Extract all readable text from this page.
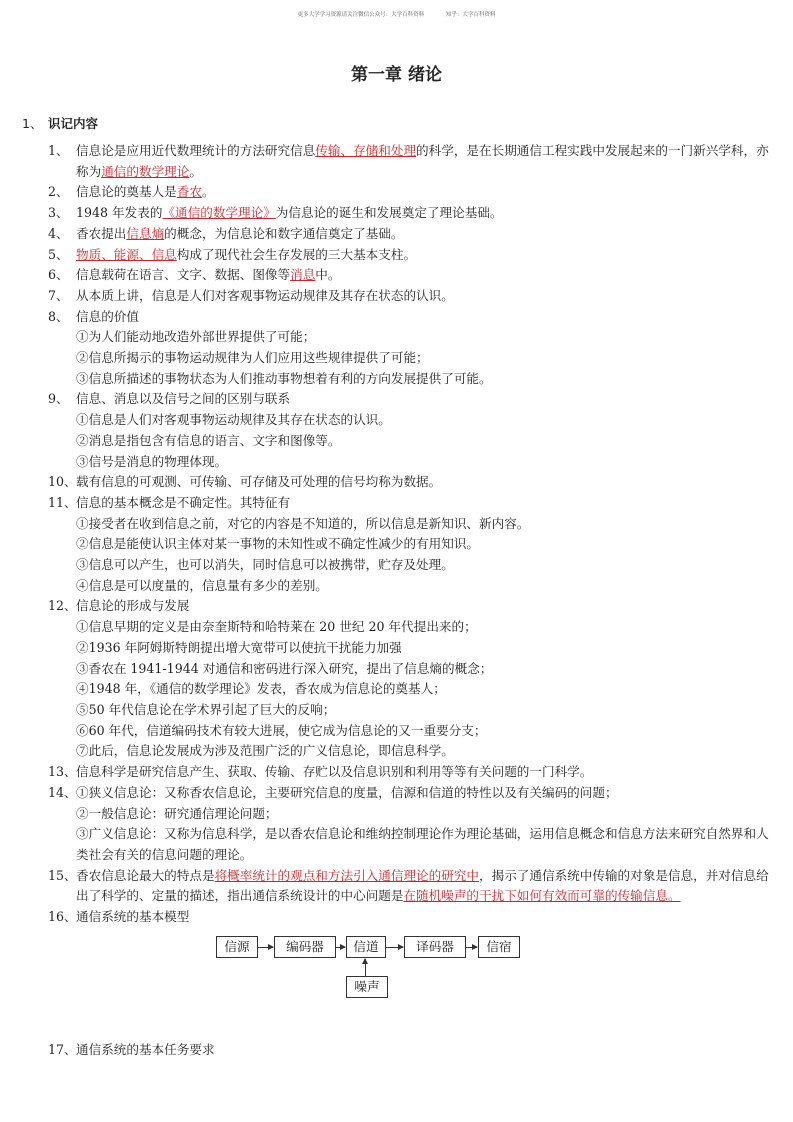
更多大学学习资源请关注微信公众号：大学百科资料	知乎：大学百科资料
第一章 绪论
1、 识记内容
1、 信息论是应用近代数理统计的方法研究信息传输、存储和处理的科学，是在长期通信工程实践中发展起来的一门新兴学科，亦称为通信的数学理论。
2、 信息论的奠基人是香农。
3、 1948 年发表的《通信的数学理论》为信息论的诞生和发展奠定了理论基础。
4、 香农提出信息熵的概念，为信息论和数字通信奠定了基础。
5、 物质、能源、信息构成了现代社会生存发展的三大基本支柱。
6、 信息载荷在语言、文字、数据、图像等消息中。
7、 从本质上讲，信息是人们对客观事物运动规律及其存在状态的认识。
8、 信息的价值
①为人们能动地改造外部世界提供了可能；
②信息所揭示的事物运动规律为人们应用这些规律提供了可能；
③信息所描述的事物状态为人们推动事物想着有利的方向发展提供了可能。
9、 信息、消息以及信号之间的区别与联系
①信息是人们对客观事物运动规律及其存在状态的认识。
②消息是指包含有信息的语言、文字和图像等。
③信号是消息的物理体现。
10、 载有信息的可观测、可传输、可存储及可处理的信号均称为数据。
11、 信息的基本概念是不确定性。其特征有
①接受者在收到信息之前，对它的内容是不知道的，所以信息是新知识、新内容。
②信息是能使认识主体对某一事物的未知性或不确定性减少的有用知识。
③信息可以产生，也可以消失，同时信息可以被携带，贮存及处理。
④信息是可以度量的，信息量有多少的差别。
12、 信息论的形成与发展
①信息早期的定义是由奈奎斯特和哈特莱在 20 世纪 20 年代提出来的；
②1936 年阿姆斯特朗提出增大宽带可以使抗干扰能力加强
③香农在 1941-1944 对通信和密码进行深入研究，提出了信息熵的概念；
④1948 年，《通信的数学理论》发表，香农成为信息论的奠基人；
⑤50 年代信息论在学术界引起了巨大的反响；
⑥60 年代，信道编码技术有较大进展，使它成为信息论的又一重要分支；
⑦此后，信息论发展成为涉及范围广泛的广义信息论，即信息科学。
13、 信息科学是研究信息产生、获取、传输、存贮以及信息识别和利用等等有关问题的一门科学。
14、 ①狭义信息论：又称香农信息论，主要研究信息的度量，信源和信道的特性以及有关编码的问题；
②一般信息论：研究通信理论问题；
③广义信息论：又称为信息科学，是以香农信息论和维纳控制理论作为理论基础，运用信息概念和信息方法来研究自然界和人类社会有关的信息问题的理论。
15、 香农信息论最大的特点是将概率统计的观点和方法引入通信理论的研究中，揭示了通信系统中传输的对象是信息，并对信息给出了科学的、定量的描述，指出通信系统设计的中心问题是在随机噪声的干扰下如何有效而可靠的传输信息。
16、 通信系统的基本模型
信源	编码器	信道	译码器	信宿
噪声
17、 通信系统的基本任务要求
